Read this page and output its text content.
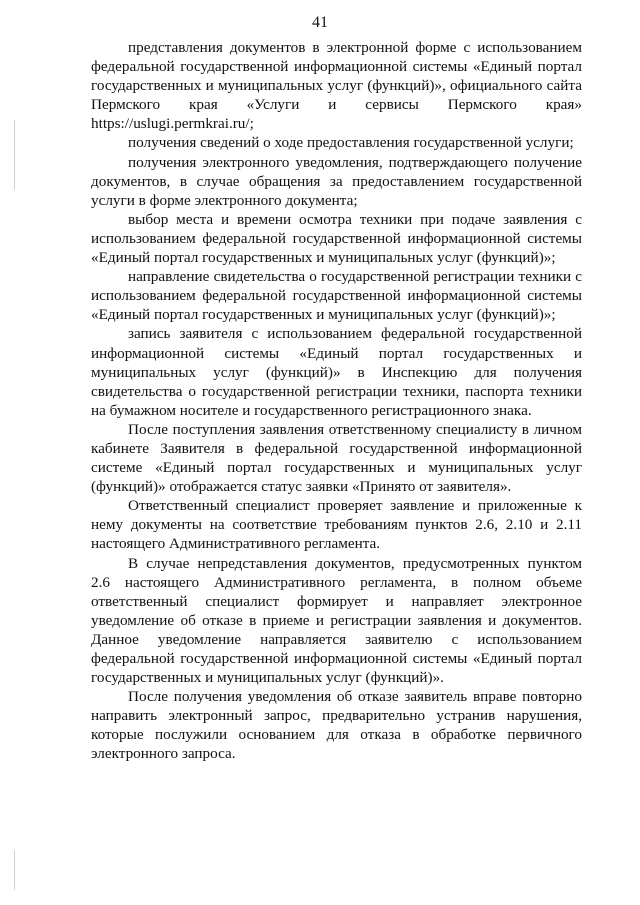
41

представления документов в электронной форме с использованием федеральной государственной информационной системы «Единый портал государственных и муниципальных услуг (функций)», официального сайта Пермского края «Услуги и сервисы Пермского края» https://uslugi.permkrai.ru/;

получения сведений о ходе предоставления государственной услуги;

получения электронного уведомления, подтверждающего получение документов, в случае обращения за предоставлением государственной услуги в форме электронного документа;

выбор места и времени осмотра техники при подаче заявления с использованием федеральной государственной информационной системы «Единый портал государственных и муниципальных услуг (функций)»;

направление свидетельства о государственной регистрации техники с использованием федеральной государственной информационной системы «Единый портал государственных и муниципальных услуг (функций)»;

запись заявителя с использованием федеральной государственной информационной системы «Единый портал государственных и муниципальных услуг (функций)» в Инспекцию для получения свидетельства о государственной регистрации техники, паспорта техники на бумажном носителе и государственного регистрационного знака.

После поступления заявления ответственному специалисту в личном кабинете Заявителя в федеральной государственной информационной системе «Единый портал государственных и муниципальных услуг (функций)» отображается статус заявки «Принято от заявителя».

Ответственный специалист проверяет заявление и приложенные к нему документы на соответствие требованиям пунктов 2.6, 2.10 и 2.11 настоящего Административного регламента.

В случае непредставления документов, предусмотренных пунктом 2.6 настоящего Административного регламента, в полном объеме ответственный специалист формирует и направляет электронное уведомление об отказе в приеме и регистрации заявления и документов. Данное уведомление направляется заявителю с использованием федеральной государственной информационной системы «Единый портал государственных и муниципальных услуг (функций)».

После получения уведомления об отказе заявитель вправе повторно направить электронный запрос, предварительно устранив нарушения, которые послужили основанием для отказа в обработке первичного электронного запроса.
